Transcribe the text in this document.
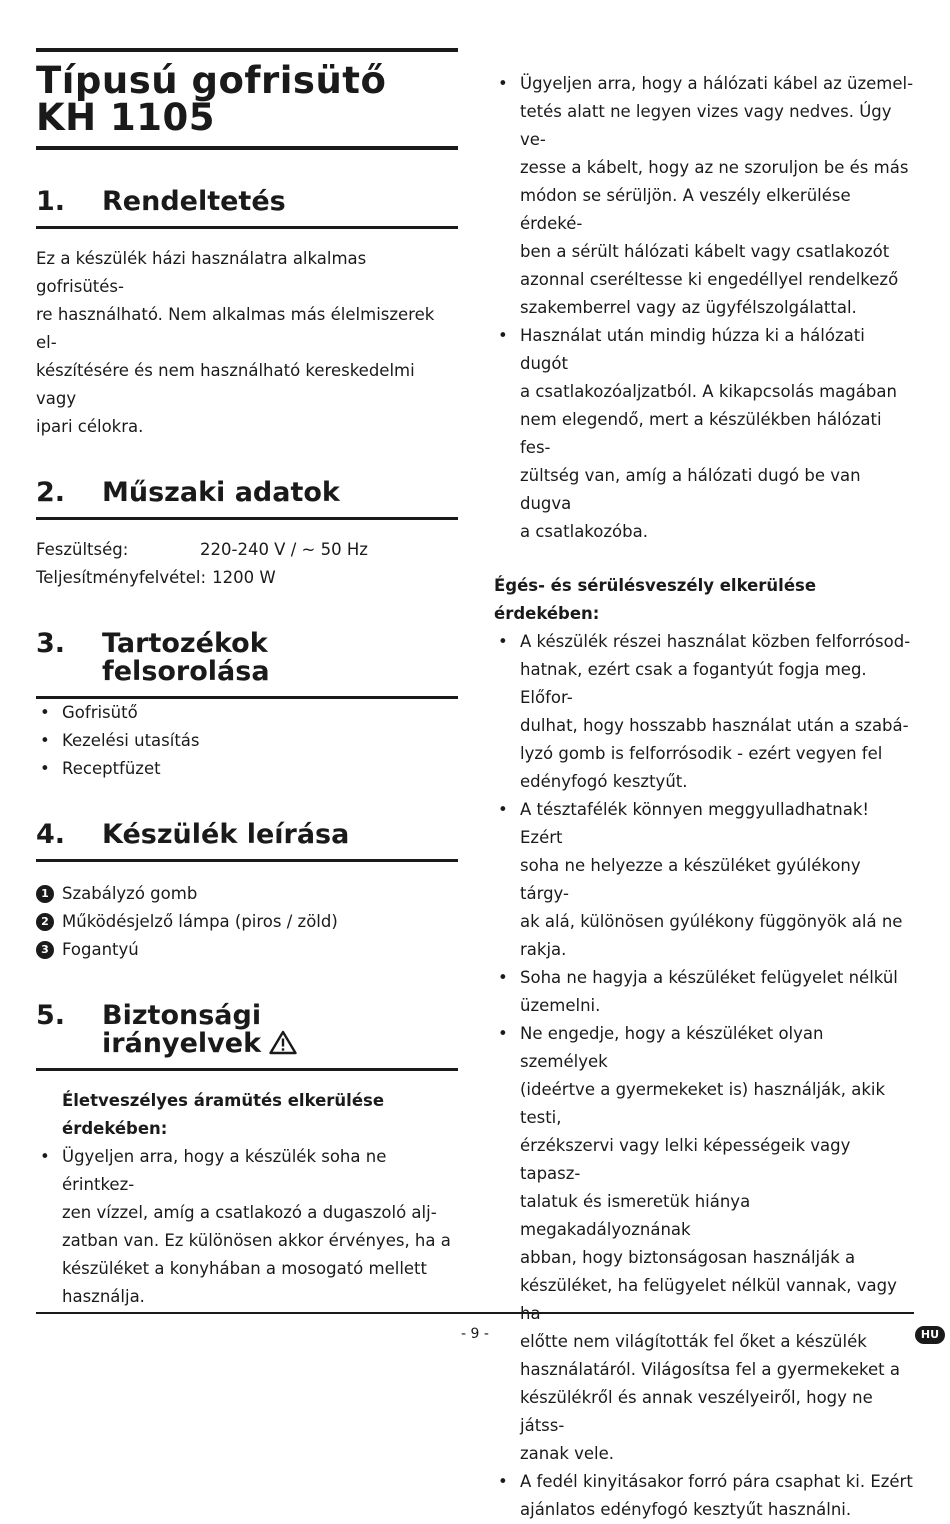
Típusú gofrisütő
KH 1105
1.	Rendeltetés
Ez a készülék házi használatra alkalmas gofrisütés-
re használható. Nem alkalmas más élelmiszerek el-
készítésére és nem használható kereskedelmi vagy
ipari célokra.
2.	Műszaki adatok
Feszültség:	220-240 V / ~ 50 Hz
Teljesítményfelvétel: 1200 W
3.	Tartozékok
felsorolása
• Gofrisütő
• Kezelési utasítás
• Receptfüzet
4.	Készülék leírása
1 Szabályzó gomb
2 Működésjelző lámpa (piros / zöld)
3 Fogantyú
5.	Biztonsági
irányelvek
Életveszélyes áramütés elkerülése
érdekében:
• Ügyeljen arra, hogy a készülék soha ne érintkez-
zen vízzel, amíg a csatlakozó a dugaszoló alj-
zatban van. Ez különösen akkor érvényes, ha a
készüléket a konyhában a mosogató mellett
használja.
• Ügyeljen arra, hogy a hálózati kábel az üzemel-
tetés alatt ne legyen vizes vagy nedves. Úgy ve-
zesse a kábelt, hogy az ne szoruljon be és más
módon se sérüljön. A veszély elkerülése érdeké-
ben a sérült hálózati kábelt vagy csatlakozót
azonnal cseréltesse ki engedéllyel rendelkező
szakemberrel vagy az ügyfélszolgálattal.
• Használat után mindig húzza ki a hálózati dugót
a csatlakozóaljzatból. A kikapcsolás magában
nem elegendő, mert a készülékben hálózati fes-
zültség van, amíg a hálózati dugó be van dugva
a csatlakozóba.
Égés- és sérülésveszély elkerülése
érdekében:
• A készülék részei használat közben felforrósod-
hatnak, ezért csak a fogantyút fogja meg. Előfor-
dulhat, hogy hosszabb használat után a szabá-
lyzó gomb is felforrósodik - ezért vegyen fel
edényfogó kesztyűt.
• A tésztafélék könnyen meggyulladhatnak! Ezért
soha ne helyezze a készüléket gyúlékony tárgy-
ak alá, különösen gyúlékony függönyök alá ne
rakja.
• Soha ne hagyja a készüléket felügyelet nélkül
üzemelni.
• Ne engedje, hogy a készüléket olyan személyek
(ideértve a gyermekeket is) használják, akik testi,
érzékszervi vagy lelki képességeik vagy tapasz-
talatuk és ismeretük hiánya megakadályoznának
abban, hogy biztonságosan használják a
készüléket, ha felügyelet nélkül vannak, vagy
előtte nem világították fel őket a készülék
használatáról. Világosítsa fel a gyermekeket a
készülékről és annak veszélyeiről, hogy ne játss-
zanak vele.
• A fedél kinyitásakor forró pára csaphat ki. Ezért
ajánlatos edényfogó kesztyűt használni.
- 9 -	HU
